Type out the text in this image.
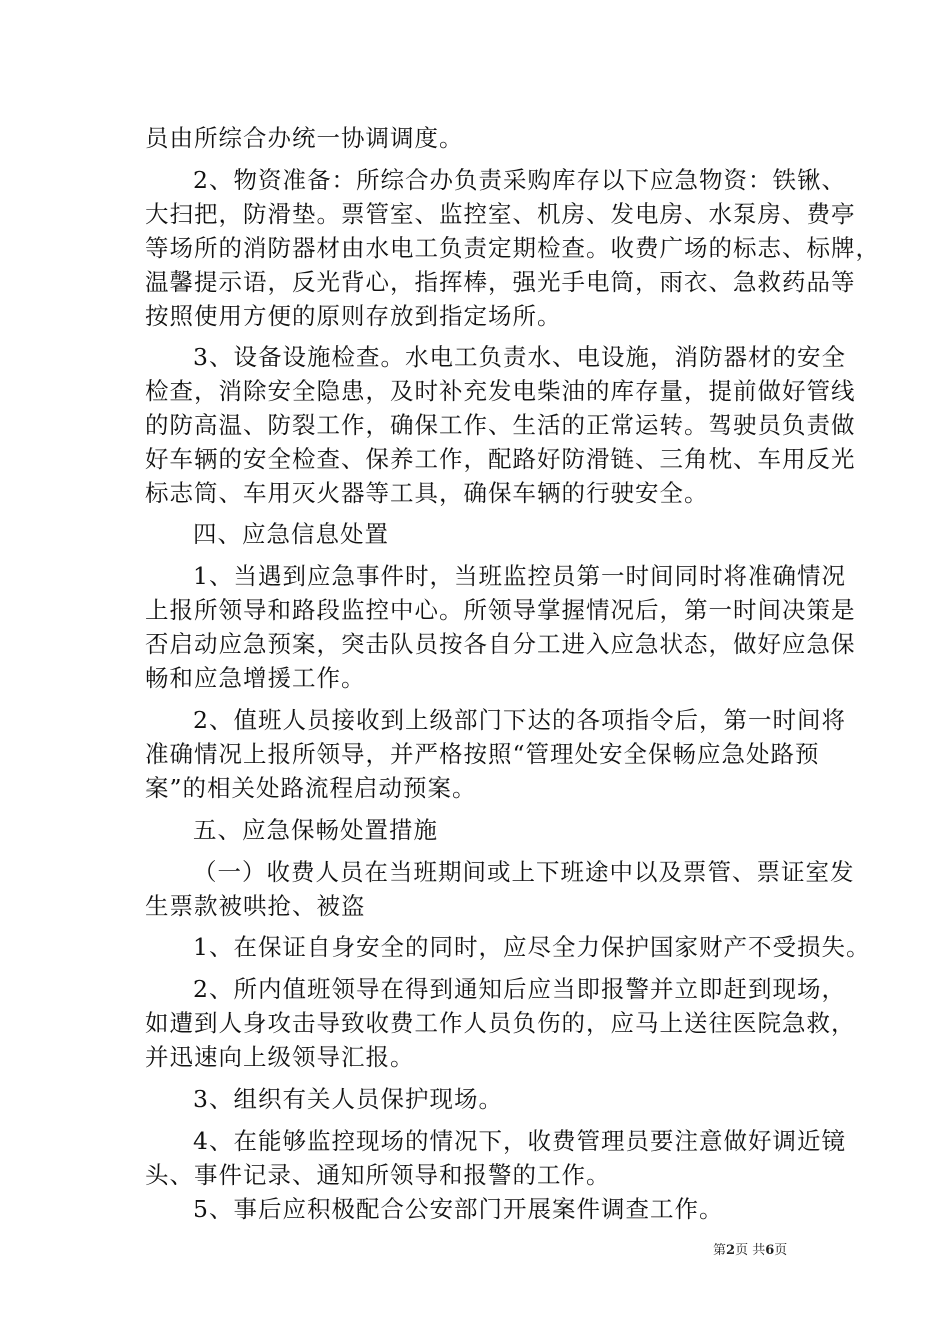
员由所综合办统一协调调度。
2、物资准备：所综合办负责采购库存以下应急物资：铁锹、
大扫把，防滑垫。票管室、监控室、机房、发电房、水泵房、费亭
等场所的消防器材由水电工负责定期检查。收费广场的标志、标牌，
温馨提示语，反光背心，指挥棒，强光手电筒，雨衣、急救药品等
按照使用方便的原则存放到指定场所。
3、设备设施检查。水电工负责水、电设施，消防器材的安全
检查，消除安全隐患，及时补充发电柴油的库存量，提前做好管线
的防高温、防裂工作，确保工作、生活的正常运转。驾驶员负责做
好车辆的安全检查、保养工作，配路好防滑链、三角枕、车用反光
标志筒、车用灭火器等工具，确保车辆的行驶安全。
四、应急信息处置
1、当遇到应急事件时，当班监控员第一时间同时将准确情况
上报所领导和路段监控中心。所领导掌握情况后，第一时间决策是
否启动应急预案，突击队员按各自分工进入应急状态，做好应急保
畅和应急增援工作。
2、值班人员接收到上级部门下达的各项指令后，第一时间将
准确情况上报所领导，并严格按照“管理处安全保畅应急处路预
案”的相关处路流程启动预案。
五、应急保畅处置措施
（一）收费人员在当班期间或上下班途中以及票管、票证室发
生票款被哄抢、被盗
1、在保证自身安全的同时，应尽全力保护国家财产不受损失。
2、所内值班领导在得到通知后应当即报警并立即赶到现场，
如遭到人身攻击导致收费工作人员负伤的，应马上送往医院急救，
并迅速向上级领导汇报。
3、组织有关人员保护现场。
4、在能够监控现场的情况下，收费管理员要注意做好调近镜
头、事件记录、通知所领导和报警的工作。
5、事后应积极配合公安部门开展案件调查工作。
第2页 共6页
